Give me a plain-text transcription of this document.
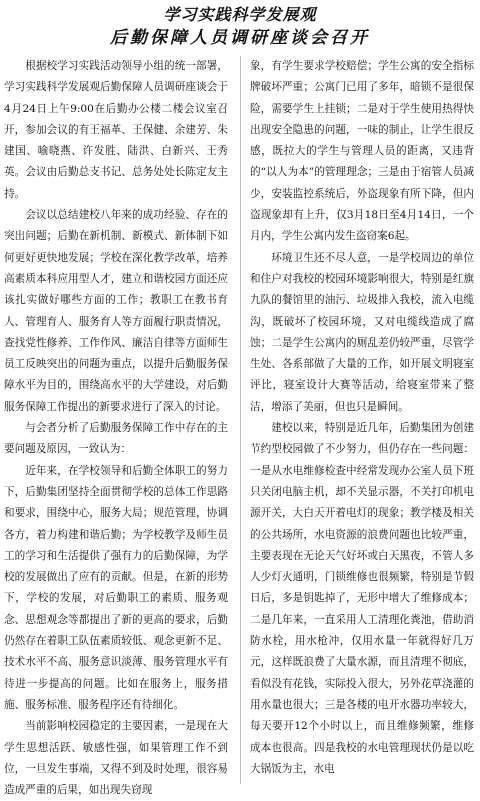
学习实践科学发展观
后勤保障人员调研座谈会召开

根据校学习实践活动领导小组的统一部署，学习实践科学发展观后勤保障人员调研座谈会于4月24日上午9:00在后勤办公楼二楼会议室召开，参加会议的有王福革、王保健、余建芳、朱建国、喻晓燕、许发胜、陆洪、白新兴、王秀英。会议由后勤总支书记、总务处处长陈定友主持。

会议以总结建校八年来的成功经验、存在的突出问题；后勤在新机制、新模式、新体制下如何更好更快地发展；学校在深化教学改革，培养高素质本科应用型人才，建立和谐校园方面还应该扎实做好哪些方面的工作；教职工在教书育人、管理育人、服务育人等方面履行职责情况，查找党性修养、工作作风、廉洁自律等方面师生员工反映突出的问题为重点，以提升后勤服务保障水平为目的，围绕高水平的大学建设，对后勤服务保障工作提出的新要求进行了深入的讨论。

与会者分析了后勤服务保障工作中存在的主要问题及原因，一致认为：

近年来，在学校领导和后勤全体职工的努力下，后勤集团坚持全面贯彻学校的总体工作思路和要求，围绕中心，服务大局；规范管理，协调各方，着力构建和谐后勤；为学校教学及师生员工的学习和生活提供了强有力的后勤保障，为学校的发展做出了应有的贡献。但是，在新的形势下，学校的发展，对后勤职工的素质、服务观念、思想观念等都提出了新的更高的要求，后勤仍然存在着职工队伍素质较低、观念更新不足、技术水平不高、服务意识淡薄、服务管理水平有待进一步提高的问题。比如在服务上，服务措施、服务标准、服务程序还有待细化。

当前影响校园稳定的主要因素，一是现在大学生思想活跃、敏感性强，如果管理工作不到位，一旦发生事端，又得不到及时处理，很容易造成严重的后果，如出现失窃现

象，有学生要求学校赔偿；学生公寓的安全指标牌破坏严重；公寓门已用了多年，暗锁不是很保险，需要学生上挂锁；二是对于学生使用热得快出现安全隐患的问题，一味的制止，让学生很反感，既拉大的学生与管理人员的距离，又违背的“以人为本”的管理理念；三是由于宿管人员减少，安装监控系统后，外盗现象有所下降，但内盗现象却有上升，仅3月18日至4月14日，一个月内，学生公寓内发生盗窃案6起。

环境卫生还不尽人意，一是学校周边的单位和住户对我校的校园环境影响很大，特别是红旗九队的餐馆里的油污、垃圾排入我校，流入电缆沟，既破坏了校园环境，又对电缆线造成了腐蚀；二是学生公寓内的厕乱差仍较严重，尽管学生处、各系部做了大量的工作，如开展文明寝室评比，寝室设计大赛等活动，给寝室带来了整洁，增添了美丽，但也只是瞬间。

建校以来，特别是近几年，后勤集团为创建节约型校园做了不少努力，但仍存在一些问题：一是从水电维修检查中经常发现办公室人员下班只关闭电脑主机，却不关显示器，不关打印机电源开关，大白天开着电灯的现象；教学楼及相关的公共场所，水电资源的浪费问题也比较严重，主要表现在无论天气好坏或白天黑夜，不管人多人少灯火通明，门锁维修也很频繁，特别是节假日后，多是钥匙掉了，无形中增大了维修成本；二是几年来，一直采用人工清理化粪池，借助消防水栓，用水枪冲，仅用水量一年就得好几万元，这样既浪费了大量水源，而且清理不彻底，看似没有花钱，实际投入很大，另外花草浇灌的用水量也很大；三是各楼的电开水器功率较大，每天要开12个小时以上，而且维修频繁，维修成本也很高。四是我校的水电管理现状仍是以吃大锅饭为主，水电
